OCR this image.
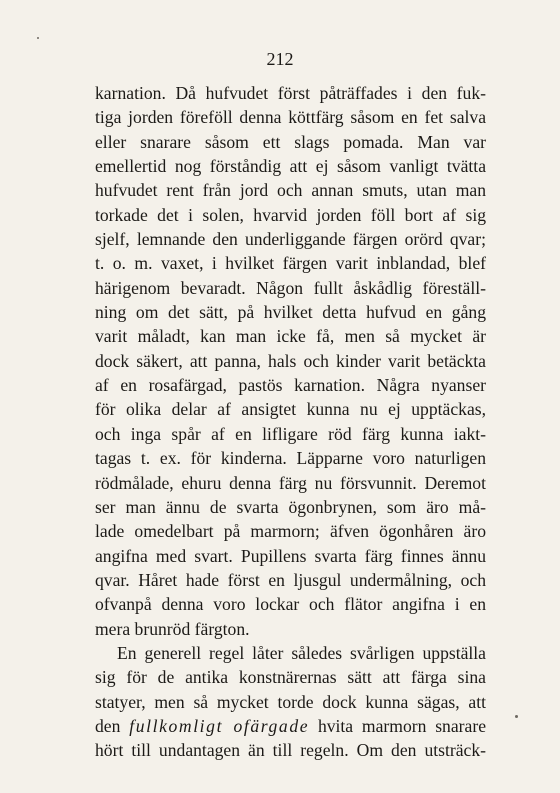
212
karnation. Då hufvudet först påträffades i den fuk-
tiga jorden föreföll denna köttfärg såsom en fet salva
eller snarare såsom ett slags pomada. Man var
emellertid nog förståndig att ej såsom vanligt tvätta
hufvudet rent från jord och annan smuts, utan man
torkade det i solen, hvarvid jorden föll bort af sig
sjelf, lemnande den underliggande färgen orörd qvar;
t. o. m. vaxet, i hvilket färgen varit inblandad, blef
härigenom bevaradt. Någon fullt åskådlig föreställ-
ning om det sätt, på hvilket detta hufvud en gång
varit måladt, kan man icke få, men så mycket är
dock säkert, att panna, hals och kinder varit betäckta
af en rosafärgad, pastös karnation. Några nyanser
för olika delar af ansigtet kunna nu ej upptäckas,
och inga spår af en lifligare röd färg kunna iakt-
tagas t. ex. för kinderna. Läpparne voro naturligen
rödmålade, ehuru denna färg nu försvunnit. Deremot
ser man ännu de svarta ögonbrynen, som äro må-
lade omedelbart på marmorn; äfven ögonhåren äro
angifna med svart. Pupillens svarta färg finnes ännu
qvar. Håret hade först en ljusgul undermålning, och
ofvanpå denna voro lockar och flätor angifna i en
mera brunröd färgton.
En generell regel låter således svårligen uppställa
sig för de antika konstnärernas sätt att färga sina
statyer, men så mycket torde dock kunna sägas, att
den fullkomligt ofärgade hvita marmorn snarare
hört till undantagen än till regeln. Om den utsträck-
